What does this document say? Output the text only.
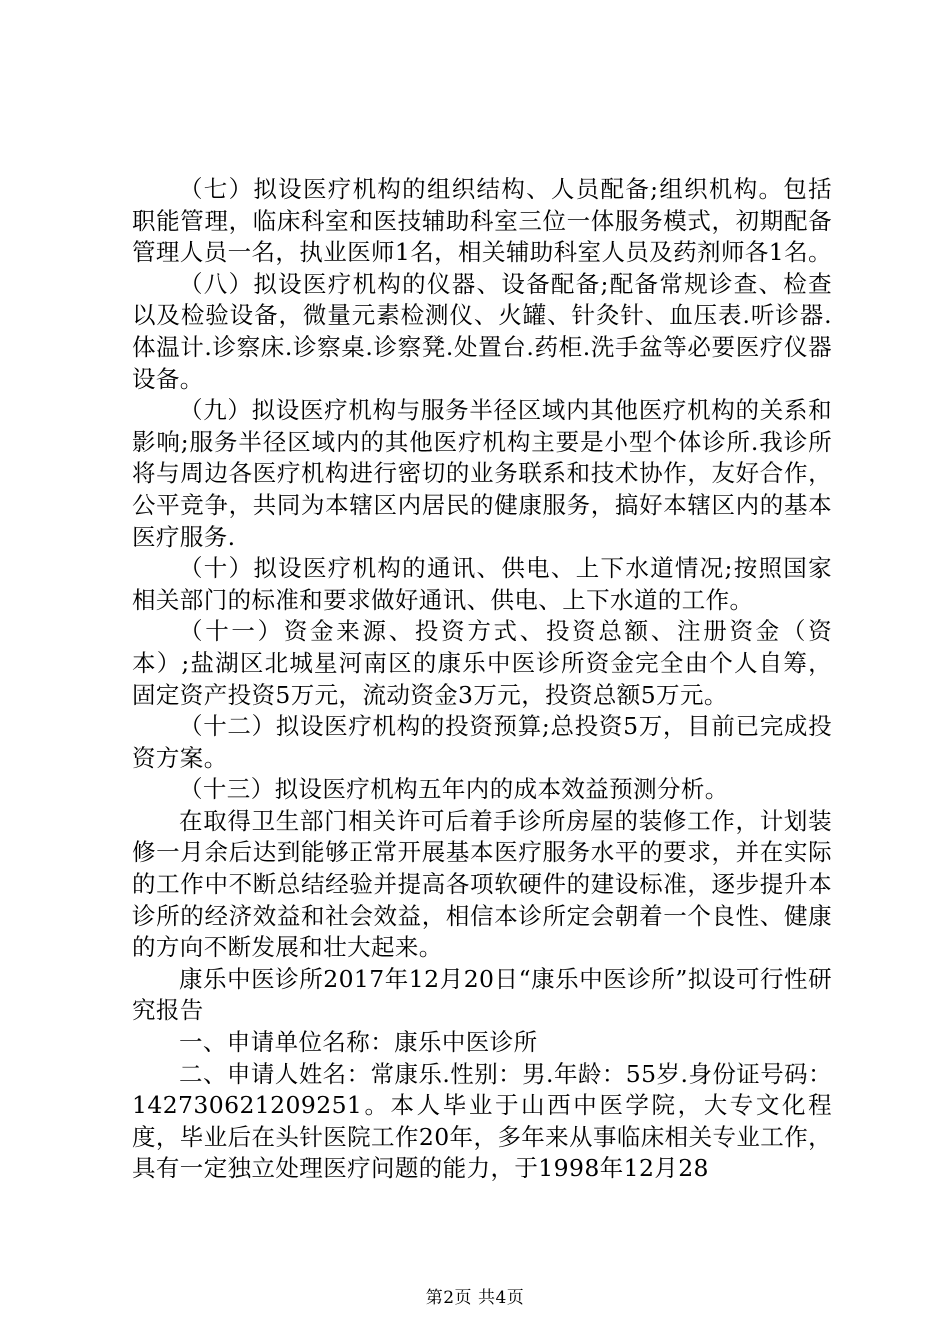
（七）拟设医疗机构的组织结构、人员配备;组织机构。包括职能管理，临床科室和医技辅助科室三位一体服务模式，初期配备管理人员一名，执业医师1名，相关辅助科室人员及药剂师各1名。

（八）拟设医疗机构的仪器、设备配备;配备常规诊查、检查以及检验设备，微量元素检测仪、火罐、针灸针、血压表.听诊器.体温计.诊察床.诊察桌.诊察凳.处置台.药柜.洗手盆等必要医疗仪器设备。

（九）拟设医疗机构与服务半径区域内其他医疗机构的关系和影响;服务半径区域内的其他医疗机构主要是小型个体诊所.我诊所将与周边各医疗机构进行密切的业务联系和技术协作，友好合作，公平竞争，共同为本辖区内居民的健康服务，搞好本辖区内的基本医疗服务.

（十）拟设医疗机构的通讯、供电、上下水道情况;按照国家相关部门的标准和要求做好通讯、供电、上下水道的工作。

（十一）资金来源、投资方式、投资总额、注册资金（资本）;盐湖区北城星河南区的康乐中医诊所资金完全由个人自筹，固定资产投资5万元，流动资金3万元，投资总额5万元。

（十二）拟设医疗机构的投资预算;总投资5万，目前已完成投资方案。

（十三）拟设医疗机构五年内的成本效益预测分析。

在取得卫生部门相关许可后着手诊所房屋的装修工作，计划装修一月余后达到能够正常开展基本医疗服务水平的要求，并在实际的工作中不断总结经验并提高各项软硬件的建设标准，逐步提升本诊所的经济效益和社会效益，相信本诊所定会朝着一个良性、健康的方向不断发展和壮大起来。

康乐中医诊所2017年12月20日“康乐中医诊所”拟设可行性研究报告

一、申请单位名称：康乐中医诊所

二、申请人姓名：常康乐.性别：男.年龄：55岁.身份证号码：142730621209251。本人毕业于山西中医学院，大专文化程度，毕业后在头针医院工作20年，多年来从事临床相关专业工作，具有一定独立处理医疗问题的能力，于1998年12月28

第2页 共4页
